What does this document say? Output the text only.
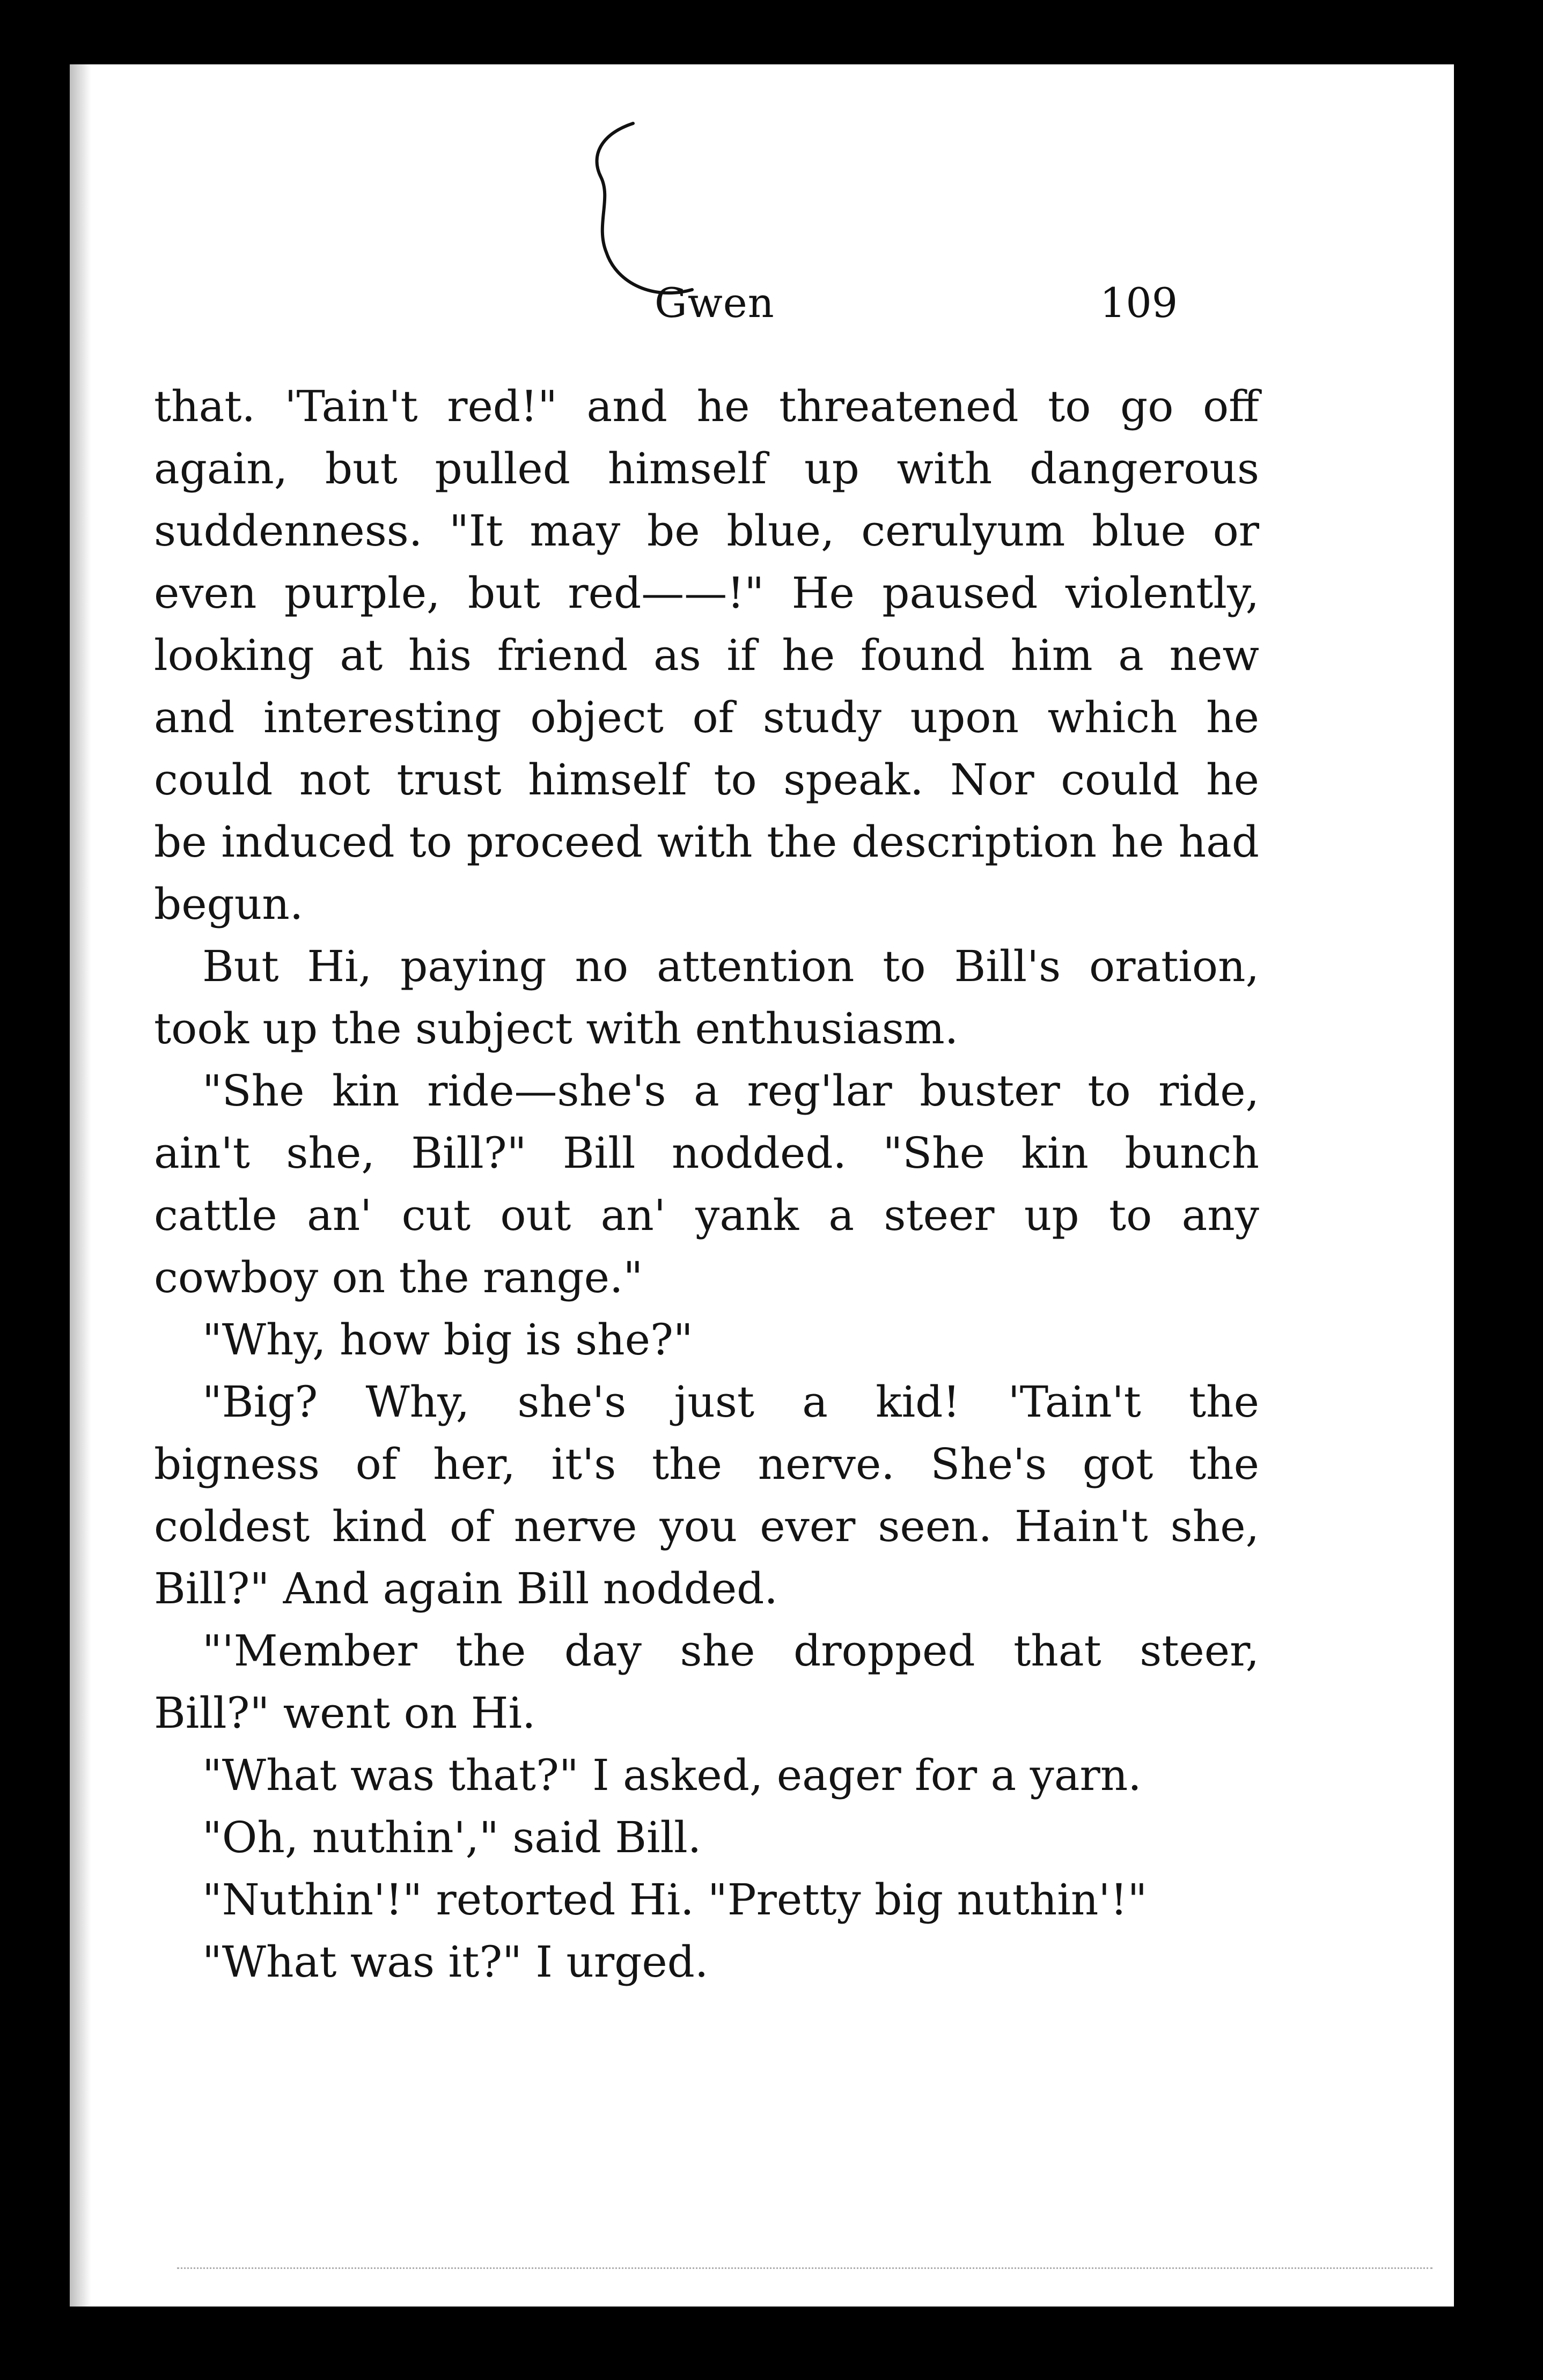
Gwen	109
that. 'Tain't red!" and he threatened to go off
again, but pulled himself up with dangerous
suddenness. "It may be blue, cerulyum blue or
even purple, but red——!" He paused violently,
looking at his friend as if he found him a new
and interesting object of study upon which he
could not trust himself to speak. Nor could he
be induced to proceed with the description he had
begun.
But Hi, paying no attention to Bill's oration,
took up the subject with enthusiasm.
"She kin ride—she's a reg'lar buster to ride,
ain't she, Bill?" Bill nodded. "She kin bunch
cattle an' cut out an' yank a steer up to any
cowboy on the range."
"Why, how big is she?"
"Big? Why, she's just a kid! 'Tain't the
bigness of her, it's the nerve. She's got the
coldest kind of nerve you ever seen. Hain't she,
Bill?" And again Bill nodded.
"'Member the day she dropped that steer,
Bill?" went on Hi.
"What was that?" I asked, eager for a yarn.
"Oh, nuthin'," said Bill.
"Nuthin'!" retorted Hi. "Pretty big nuthin'!"
"What was it?" I urged.
